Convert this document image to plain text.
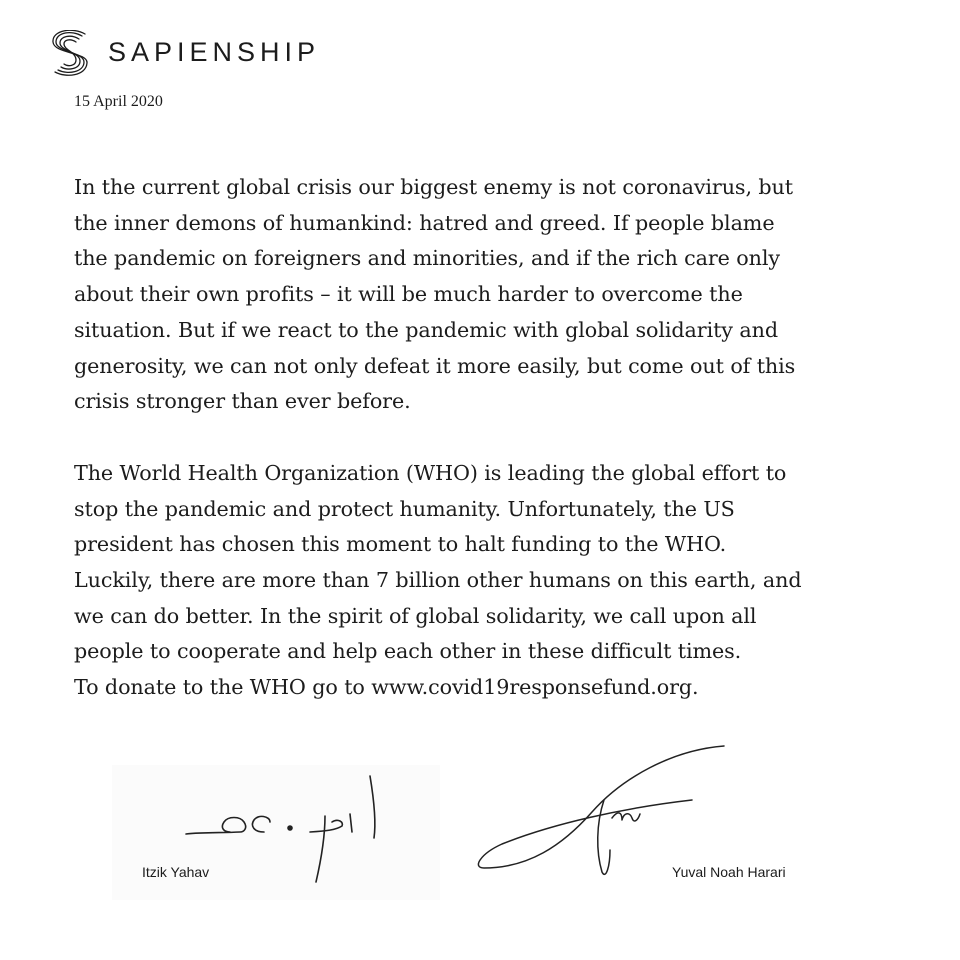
SAPIENSHIP
15 April 2020
In the current global crisis our biggest enemy is not coronavirus, but
the inner demons of humankind: hatred and greed. If people blame
the pandemic on foreigners and minorities, and if the rich care only
about their own profits – it will be much harder to overcome the
situation. But if we react to the pandemic with global solidarity and
generosity, we can not only defeat it more easily, but come out of this
crisis stronger than ever before.
The World Health Organization (WHO) is leading the global effort to
stop the pandemic and protect humanity. Unfortunately, the US
president has chosen this moment to halt funding to the WHO.
Luckily, there are more than 7 billion other humans on this earth, and
we can do better. In the spirit of global solidarity, we call upon all
people to cooperate and help each other in these difficult times.
To donate to the WHO go to www.covid19responsefund.org.
Itzik Yahav	Yuval Noah Harari
